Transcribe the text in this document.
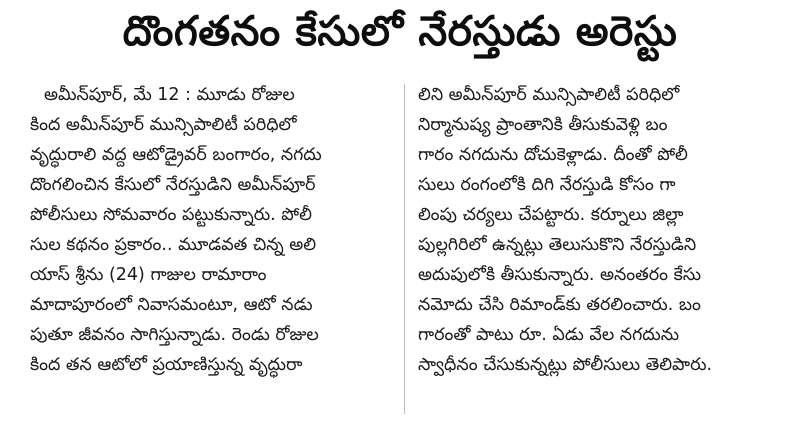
దొంగతనం కేసులో నేరస్తుడు అరెస్టు
అమీన్‌పూర్, మే 12 : మూడు రోజుల
కింద అమీన్‌పూర్ మున్సిపాలిటీ పరిధిలో
వృద్ధురాలి వద్ద ఆటోడ్రైవర్ బంగారం, నగదు
దొంగలించిన కేసులో నేరస్తుడిని అమీన్‌పూర్
పోలీసులు సోమవారం పట్టుకున్నారు. పోలీ
సుల కథనం ప్రకారం.. మూడవత చిన్న అలి
యాస్ శ్రీను (24) గాజుల రామారాం
మాదాపూరంలో నివాసమంటూ, ఆటో నడు
పుతూ జీవనం సాగిస్తున్నాడు. రెండు రోజుల
కింద తన ఆటోలో ప్రయాణిస్తున్న వృద్ధురా
లిని అమీన్‌పూర్ మున్సిపాలిటీ పరిధిలో
నిర్మానుష్య ప్రాంతానికి తీసుకువెళ్లి బం
గారం నగదును దోచుకెళ్లాడు. దీంతో పోలీ
సులు రంగంలోకి దిగి నేరస్తుడి కోసం గా
లింపు చర్యలు చేపట్టారు. కర్నూలు జిల్లా
పుల్లగిరిలో ఉన్నట్లు తెలుసుకొని నేరస్తుడిని
అదుపులోకి తీసుకున్నారు. అనంతరం కేసు
నమోదు చేసి రిమాండ్‌కు తరలించారు. బం
గారంతో పాటు రూ. ఏడు వేల నగదును
స్వాధీనం చేసుకున్నట్లు పోలీసులు తెలిపారు.
